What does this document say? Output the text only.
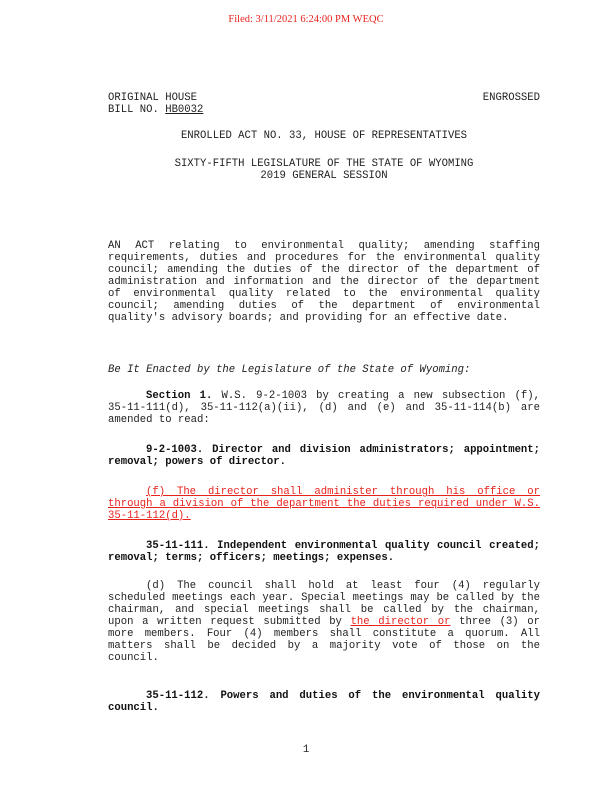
Filed: 3/11/2021 6:24:00 PM WEQC
ORIGINAL HOUSE
BILL NO. HB0032
ENGROSSED
ENROLLED ACT NO. 33, HOUSE OF REPRESENTATIVES
SIXTY-FIFTH LEGISLATURE OF THE STATE OF WYOMING
2019 GENERAL SESSION

AN ACT relating to environmental quality; amending staffing requirements, duties and procedures for the environmental quality council; amending the duties of the director of the department of administration and information and the director of the department of environmental quality related to the environmental quality council; amending duties of the department of environmental quality's advisory boards; and providing for an effective date.

Be It Enacted by the Legislature of the State of Wyoming:

Section 1. W.S. 9-2-1003 by creating a new subsection (f), 35-11-111(d), 35-11-112(a)(ii), (d) and (e) and 35-11-114(b) are amended to read:

9-2-1003. Director and division administrators; appointment; removal; powers of director.

(f) The director shall administer through his office or through a division of the department the duties required under W.S. 35-11-112(d).

35-11-111. Independent environmental quality council created; removal; terms; officers; meetings; expenses.

(d) The council shall hold at least four (4) regularly scheduled meetings each year. Special meetings may be called by the chairman, and special meetings shall be called by the chairman, upon a written request submitted by the director or three (3) or more members. Four (4) members shall constitute a quorum. All matters shall be decided by a majority vote of those on the council.

35-11-112. Powers and duties of the environmental quality council.

1
